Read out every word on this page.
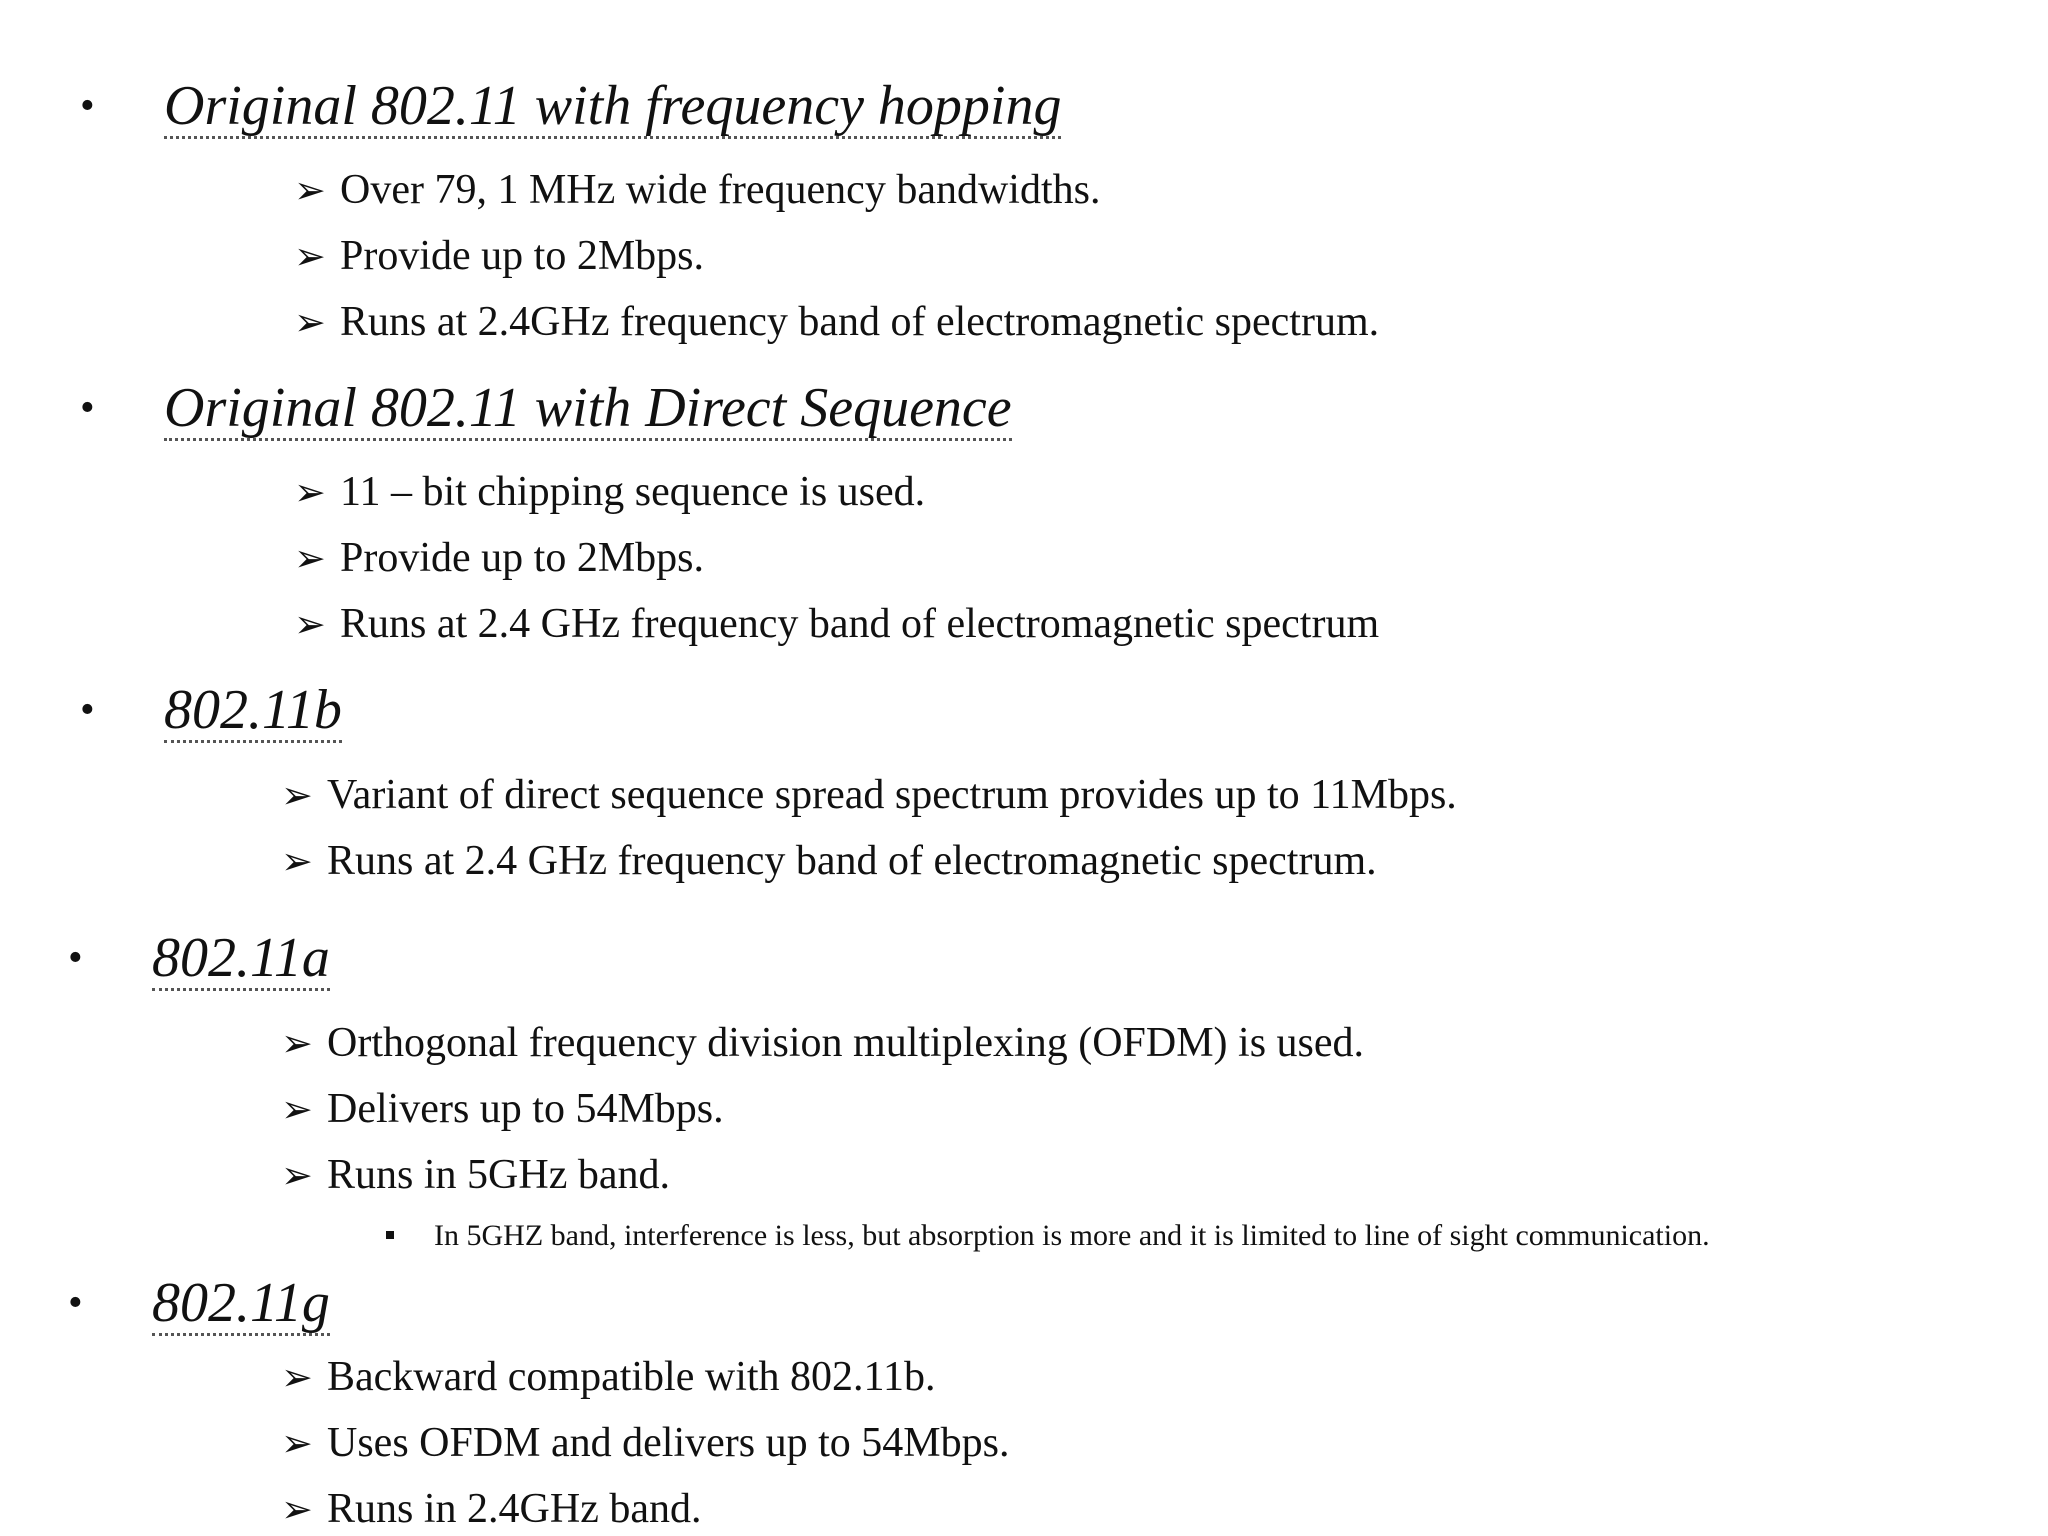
• Original 802.11 with frequency hopping
➢ Over 79, 1 MHz wide frequency bandwidths.
➢ Provide up to 2Mbps.
➢ Runs at 2.4GHz frequency band of electromagnetic spectrum.
• Original 802.11 with Direct Sequence
➢ 11 – bit chipping sequence is used.
➢ Provide up to 2Mbps.
➢ Runs at 2.4 GHz frequency band of electromagnetic spectrum
• 802.11b
➢ Variant of direct sequence spread spectrum provides up to 11Mbps.
➢ Runs at 2.4 GHz frequency band of electromagnetic spectrum.
• 802.11a
➢ Orthogonal frequency division multiplexing (OFDM) is used.
➢ Delivers up to 54Mbps.
➢ Runs in 5GHz band.
In 5GHZ band, interference is less, but absorption is more and it is limited to line of sight communication.
• 802.11g
➢ Backward compatible with 802.11b.
➢ Uses OFDM and delivers up to 54Mbps.
➢ Runs in 2.4GHz band.
